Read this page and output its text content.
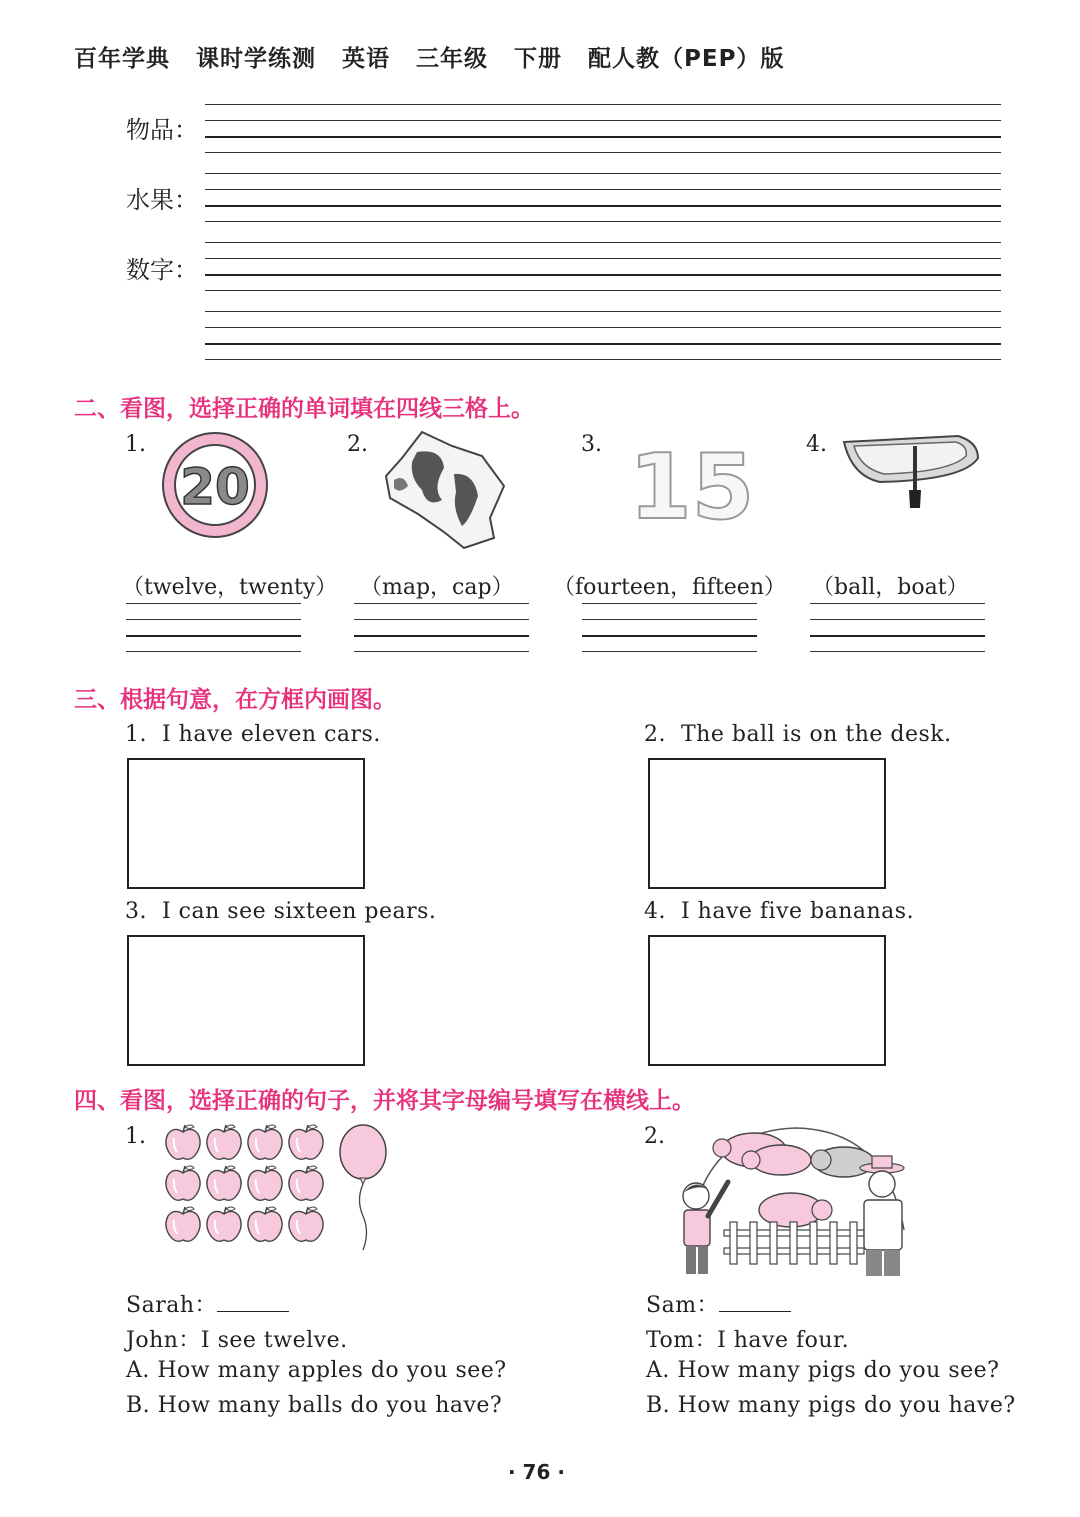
百年学典 课时学练测 英语 三年级 下册 配人教（PEP）版
物品：
水果：
数字：
二、看图，选择正确的单词填在四线三格上。
1.	2.	3.	4.
20	15
（twelve，twenty） （map，cap） （fourteen，fifteen） （ball，boat）
三、根据句意，在方框内画图。
1. I have eleven cars.	2. The ball is on the desk.
3. I can see sixteen pears.	4. I have five bananas.
四、看图，选择正确的句子，并将其字母编号填写在横线上。
1.	2.
Sarah：
John：I see twelve.
A. How many apples do you see?
B. How many balls do you have?
Sam：
Tom：I have four.
A. How many pigs do you see?
B. How many pigs do you have?
· 76 ·
